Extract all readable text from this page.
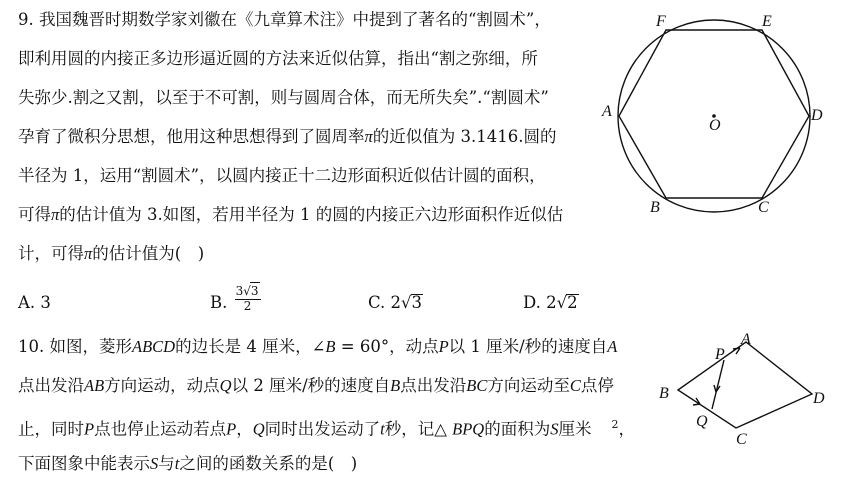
9. 我国魏晋时期数学家刘徽在《九章算术注》中提到了著名的“割圆术”，
即利用圆的内接正多边形逼近圆的方法来近似估算，指出“割之弥细，所
失弥少.割之又割，以至于不可割，则与圆周合体，而无所失矣”.“割圆术”
孕育了微积分思想，他用这种思想得到了圆周率π的近似值为 3.1416.圆的
半径为 1，运用“割圆术”，以圆内接正十二边形面积近似估计圆的面积，
可得π的估计值为 3.如图，若用半径为 1 的圆的内接正六边形面积作近似估
计，可得π的估计值为(　)
A. 3	B. $\frac{3√3}{2}$	C. 2√3	D. 2√2
F	E
A	D
O
B	C
10. 如图，菱形ABCD的边长是 4 厘米，∠B = 60°，动点P以 1 厘米/秒的速度自A
点出发沿AB方向运动，动点Q以 2 厘米/秒的速度自B点出发沿BC方向运动至C点停
止，同时P点也停止运动若点P，Q同时出发运动了t秒，记△ BPQ的面积为S厘米 $^2$，
下面图象中能表示S与t之间的函数关系的是(　)
P
A
B	D
Q
C
